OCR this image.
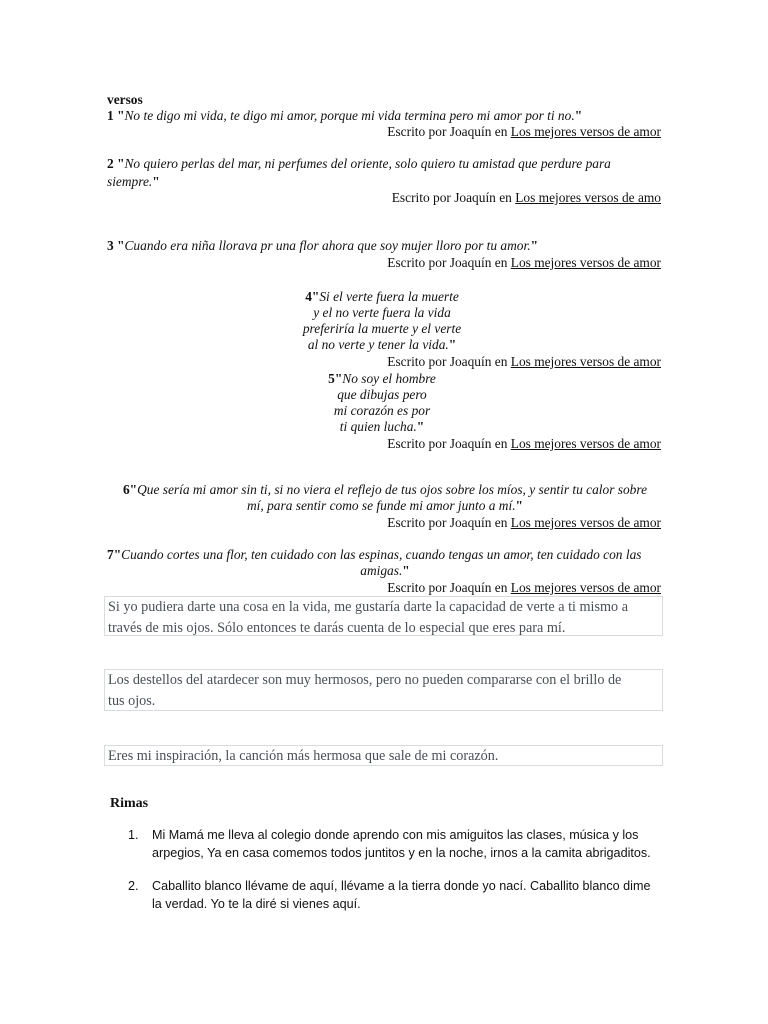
versos
1 "No te digo mi vida, te digo mi amor, porque mi vida termina pero mi amor por ti no."
Escrito por Joaquín en Los mejores versos de amor
2 "No quiero perlas del mar, ni perfumes del oriente, solo quiero tu amistad que perdure para
siempre."
Escrito por Joaquín en Los mejores versos de amo
3 "Cuando era niña llorava pr una flor ahora que soy mujer lloro por tu amor."
Escrito por Joaquín en Los mejores versos de amor
4"Si el verte fuera la muerte
y el no verte fuera la vida
preferiría la muerte y el verte
al no verte y tener la vida."
Escrito por Joaquín en Los mejores versos de amor
5"No soy el hombre
que dibujas pero
mi corazón es por
ti quien lucha."
Escrito por Joaquín en Los mejores versos de amor
6"Que sería mi amor sin ti, si no viera el reflejo de tus ojos sobre los míos, y sentir tu calor sobre
mí, para sentir como se funde mi amor junto a mí."
Escrito por Joaquín en Los mejores versos de amor
7"Cuando cortes una flor, ten cuidado con las espinas, cuando tengas un amor, ten cuidado con las
amigas."
Escrito por Joaquín en Los mejores versos de amor
Si yo pudiera darte una cosa en la vida, me gustaría darte la capacidad de verte a ti mismo a
través de mis ojos. Sólo entonces te darás cuenta de lo especial que eres para mí.
Los destellos del atardecer son muy hermosos, pero no pueden compararse con el brillo de
tus ojos.
Eres mi inspiración, la canción más hermosa que sale de mi corazón.
Rimas
1. Mi Mamá me lleva al colegio donde aprendo con mis amiguitos las clases, música y los
arpegios, Ya en casa comemos todos juntitos y en la noche, irnos a la camita abrigaditos.
2. Caballito blanco llévame de aquí, llévame a la tierra donde yo nací. Caballito blanco dime
la verdad. Yo te la diré si vienes aquí.
